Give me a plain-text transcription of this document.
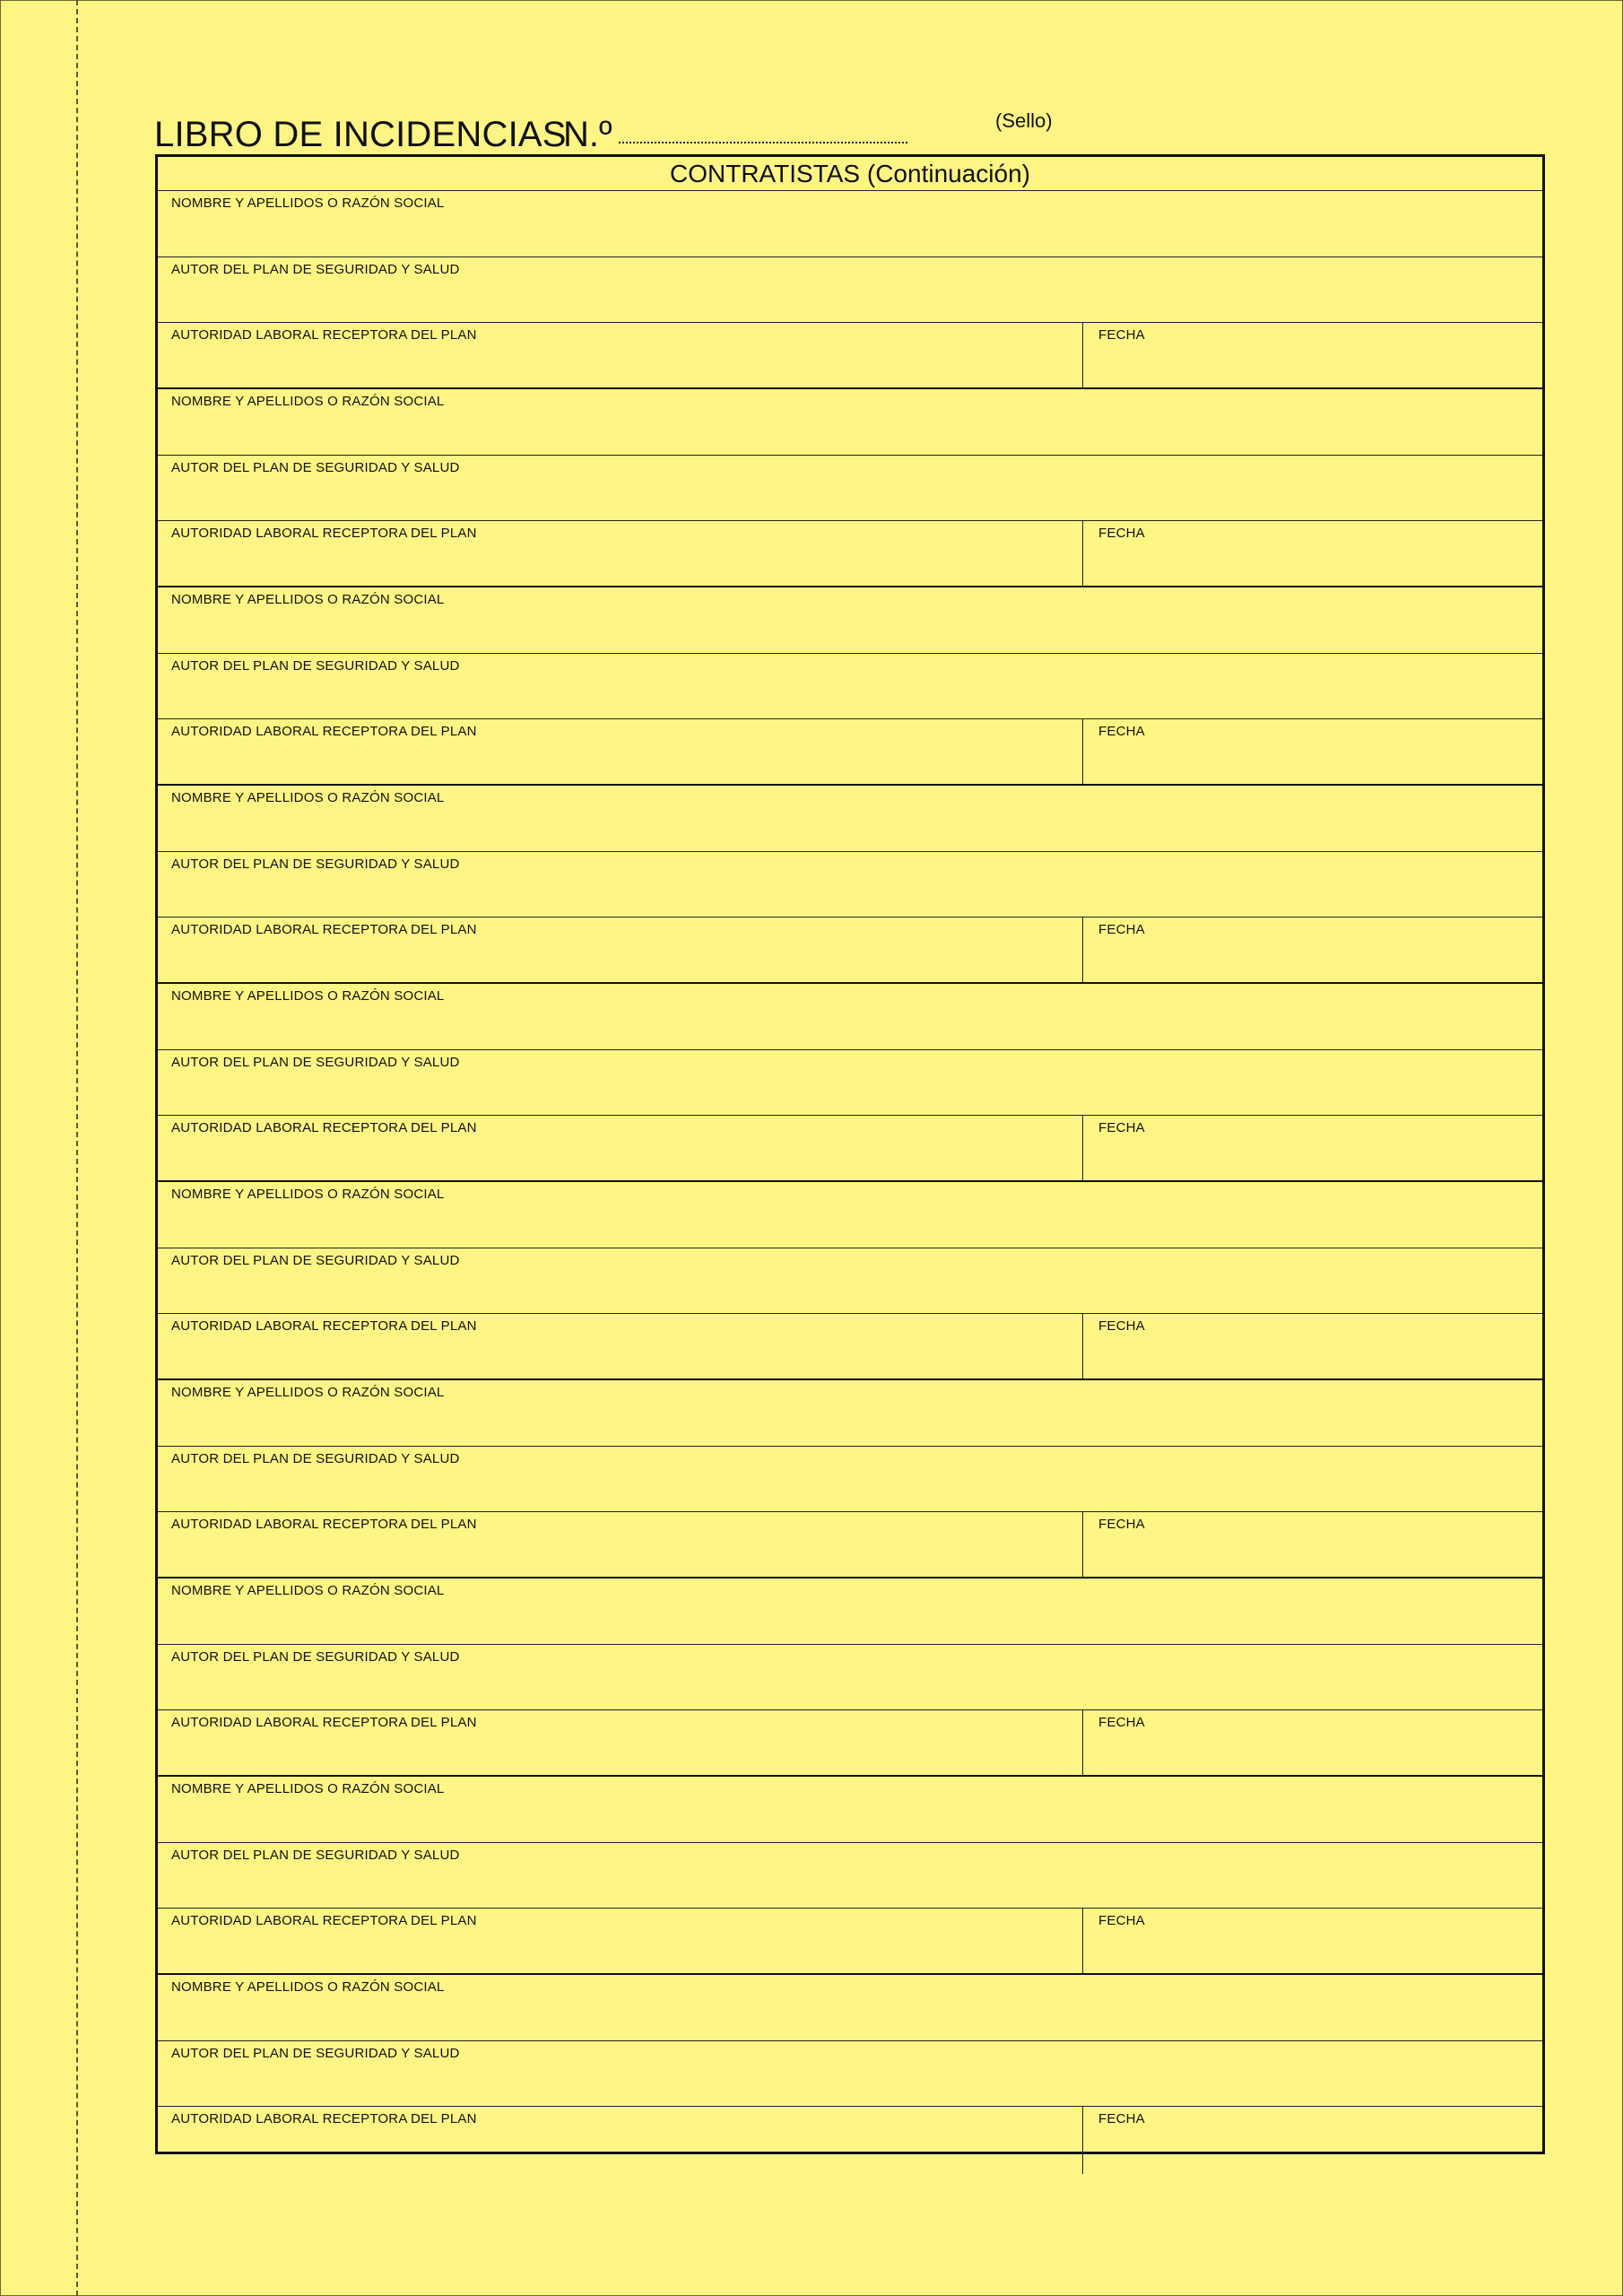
LIBRO DE INCIDENCIAS
N.º	(Sello)
CONTRATISTAS (Continuación)
NOMBRE Y APELLIDOS O RAZÓN SOCIAL
AUTOR DEL PLAN DE SEGURIDAD Y SALUD
AUTORIDAD LABORAL RECEPTORA DEL PLAN	FECHA
NOMBRE Y APELLIDOS O RAZÓN SOCIAL
AUTOR DEL PLAN DE SEGURIDAD Y SALUD
AUTORIDAD LABORAL RECEPTORA DEL PLAN	FECHA
NOMBRE Y APELLIDOS O RAZÓN SOCIAL
AUTOR DEL PLAN DE SEGURIDAD Y SALUD
AUTORIDAD LABORAL RECEPTORA DEL PLAN	FECHA
NOMBRE Y APELLIDOS O RAZÓN SOCIAL
AUTOR DEL PLAN DE SEGURIDAD Y SALUD
AUTORIDAD LABORAL RECEPTORA DEL PLAN	FECHA
NOMBRE Y APELLIDOS O RAZÓN SOCIAL
AUTOR DEL PLAN DE SEGURIDAD Y SALUD
AUTORIDAD LABORAL RECEPTORA DEL PLAN	FECHA
NOMBRE Y APELLIDOS O RAZÓN SOCIAL
AUTOR DEL PLAN DE SEGURIDAD Y SALUD
AUTORIDAD LABORAL RECEPTORA DEL PLAN	FECHA
NOMBRE Y APELLIDOS O RAZÓN SOCIAL
AUTOR DEL PLAN DE SEGURIDAD Y SALUD
AUTORIDAD LABORAL RECEPTORA DEL PLAN	FECHA
NOMBRE Y APELLIDOS O RAZÓN SOCIAL
AUTOR DEL PLAN DE SEGURIDAD Y SALUD
AUTORIDAD LABORAL RECEPTORA DEL PLAN	FECHA
NOMBRE Y APELLIDOS O RAZÓN SOCIAL
AUTOR DEL PLAN DE SEGURIDAD Y SALUD
AUTORIDAD LABORAL RECEPTORA DEL PLAN	FECHA
NOMBRE Y APELLIDOS O RAZÓN SOCIAL
AUTOR DEL PLAN DE SEGURIDAD Y SALUD
AUTORIDAD LABORAL RECEPTORA DEL PLAN	FECHA
